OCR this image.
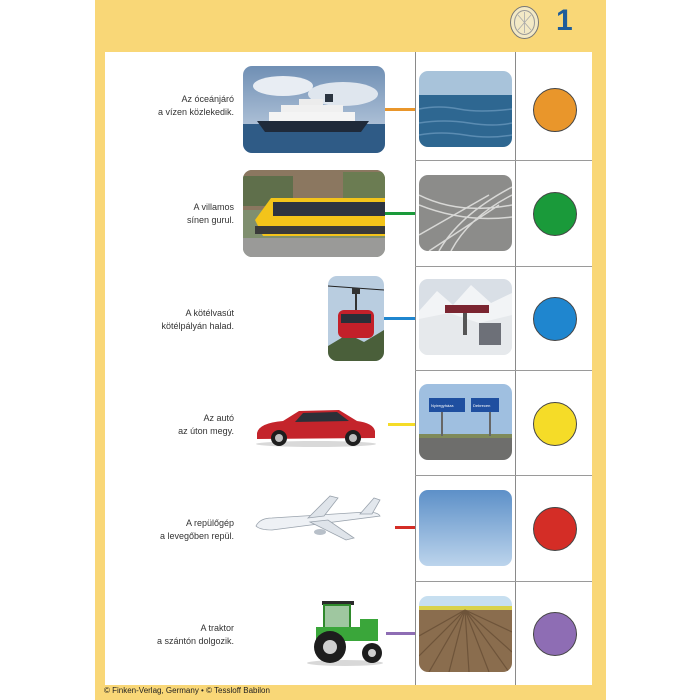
1
Az óceánjáró
a vízen közlekedik.
A villamos
sínen gurul.
A kötélvasút
kötélpályán halad.
Az autó
az úton megy.
Nyíregyháza	Debrecen
A repülőgép
a levegőben repül.
A traktor
a szántón dolgozik.
© Finken-Verlag, Germany • © Tessloff Babilon
